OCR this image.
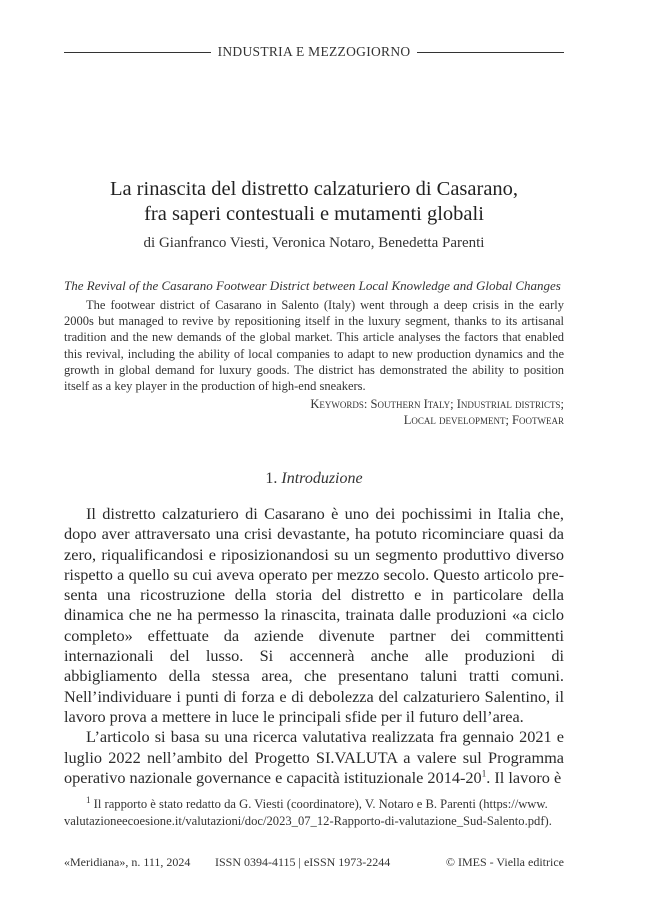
INDUSTRIA E MEZZOGIORNO
La rinascita del distretto calzaturiero di Casarano,
fra saperi contestuali e mutamenti globali
di Gianfranco Viesti, Veronica Notaro, Benedetta Parenti
The Revival of the Casarano Footwear District between Local Knowledge and Global Changes
The footwear district of Casarano in Salento (Italy) went through a deep crisis in the early 2000s but managed to revive by repositioning itself in the luxury segment, thanks to its artisanal tradition and the new demands of the global market. This article analyses the factors that enabled this revival, including the ability of local companies to adapt to new production dynamics and the growth in global demand for luxury goods. The district has demonstrated the ability to position itself as a key player in the production of high-end sneakers.
Keywords: Southern Italy; Industrial districts;
Local development; Footwear
1. Introduzione

Il distretto calzaturiero di Casarano è uno dei pochissimi in Italia che, dopo aver attraversato una crisi devastante, ha potuto ricominciare quasi da zero, riqualificandosi e riposizionandosi su un segmento produttivo diverso rispetto a quello su cui aveva operato per mezzo secolo. Questo articolo presenta una ricostruzione della storia del distretto e in particolare della dinamica che ne ha permesso la rinascita, trainata dalle produzioni «a ciclo completo» effettuate da aziende divenute partner dei committenti internazionali del lusso. Si accennerà anche alle produzioni di abbigliamento della stessa area, che presentano taluni tratti comuni. Nell’individuare i punti di forza e di debolezza del calzaturiero Salentino, il lavoro prova a mettere in luce le principali sfide per il futuro dell’area.

L’articolo si basa su una ricerca valutativa realizzata fra gennaio 2021 e luglio 2022 nell’ambito del Progetto SI.VALUTA a valere sul Programma operativo nazionale governance e capacità istituzionale $2014-20^1$. Il lavoro è

$^1$ Il rapporto è stato redatto da G. Viesti (coordinatore), V. Notaro e B. Parenti (https://www.
valutazioneecoesione.it/valutazioni/doc/2023_07_12-Rapporto-di-valutazione_Sud-Salento.pdf).
«Meridiana», n. 111, 2024 ISSN 0394-4115 | eISSN 1973-2244	© IMES - Viella editrice
